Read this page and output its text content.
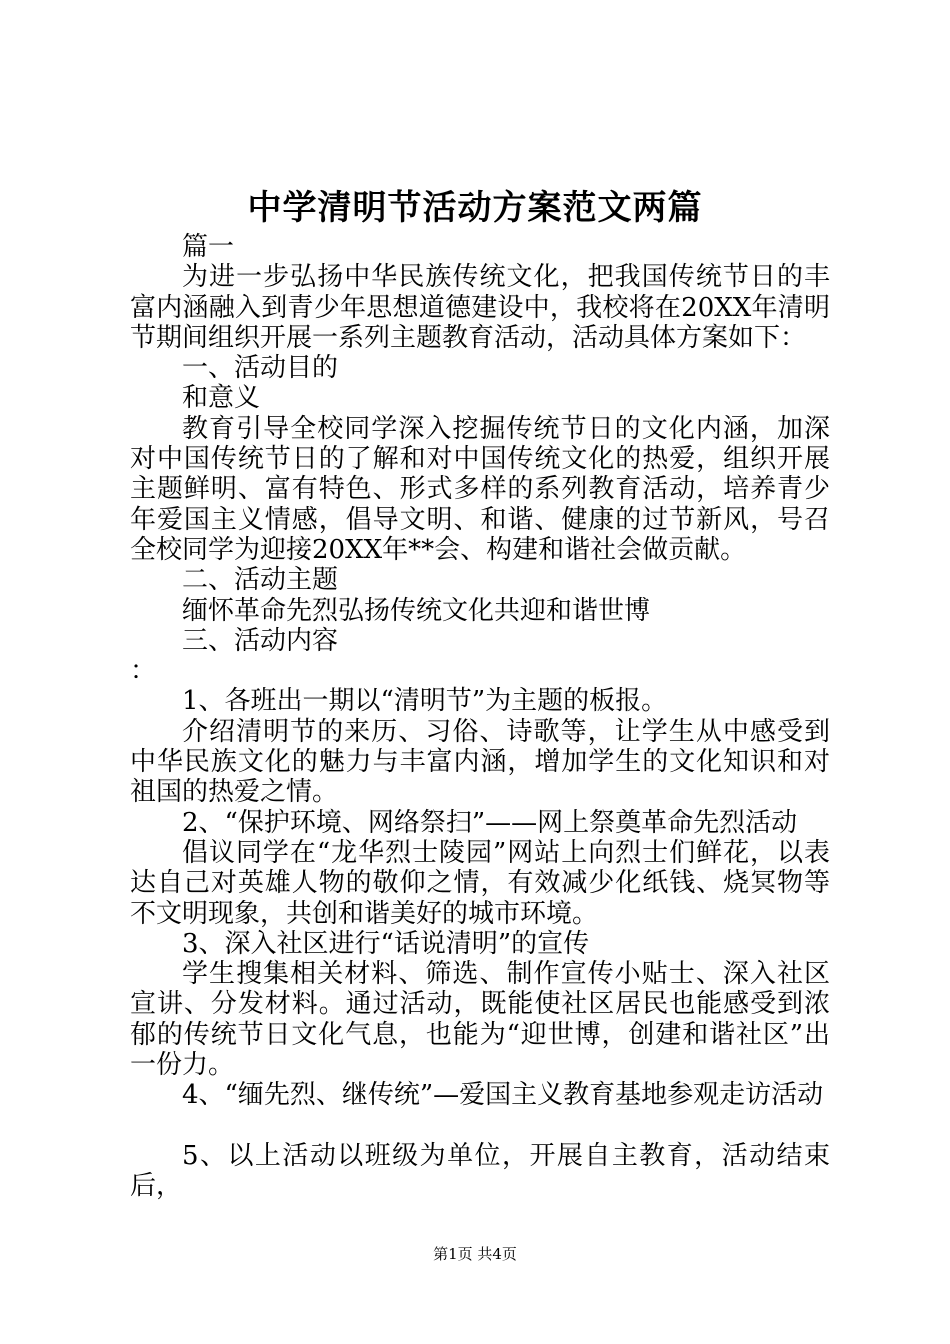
中学清明节活动方案范文两篇

篇一

为进一步弘扬中华民族传统文化，把我国传统节日的丰富内涵融入到青少年思想道德建设中，我校将在20XX年清明节期间组织开展一系列主题教育活动，活动具体方案如下：

一、活动目的

和意义

教育引导全校同学深入挖掘传统节日的文化内涵，加深对中国传统节日的了解和对中国传统文化的热爱，组织开展主题鲜明、富有特色、形式多样的系列教育活动，培养青少年爱国主义情感，倡导文明、和谐、健康的过节新风，号召全校同学为迎接20XX年**会、构建和谐社会做贡献。

二、活动主题

缅怀革命先烈弘扬传统文化共迎和谐世博

三、活动内容

：

1、各班出一期以“清明节”为主题的板报。

介绍清明节的来历、习俗、诗歌等，让学生从中感受到中华民族文化的魅力与丰富内涵，增加学生的文化知识和对祖国的热爱之情。

2、“保护环境、网络祭扫”——网上祭奠革命先烈活动

倡议同学在“龙华烈士陵园”网站上向烈士们鲜花，以表达自己对英雄人物的敬仰之情，有效减少化纸钱、烧冥物等不文明现象，共创和谐美好的城市环境。

3、深入社区进行“话说清明”的宣传

学生搜集相关材料、筛选、制作宣传小贴士、深入社区宣讲、分发材料。通过活动，既能使社区居民也能感受到浓郁的传统节日文化气息，也能为“迎世博，创建和谐社区”出一份力。

4、“缅先烈、继传统”—爱国主义教育基地参观走访活动

5、以上活动以班级为单位，开展自主教育，活动结束后，

第1页 共4页
